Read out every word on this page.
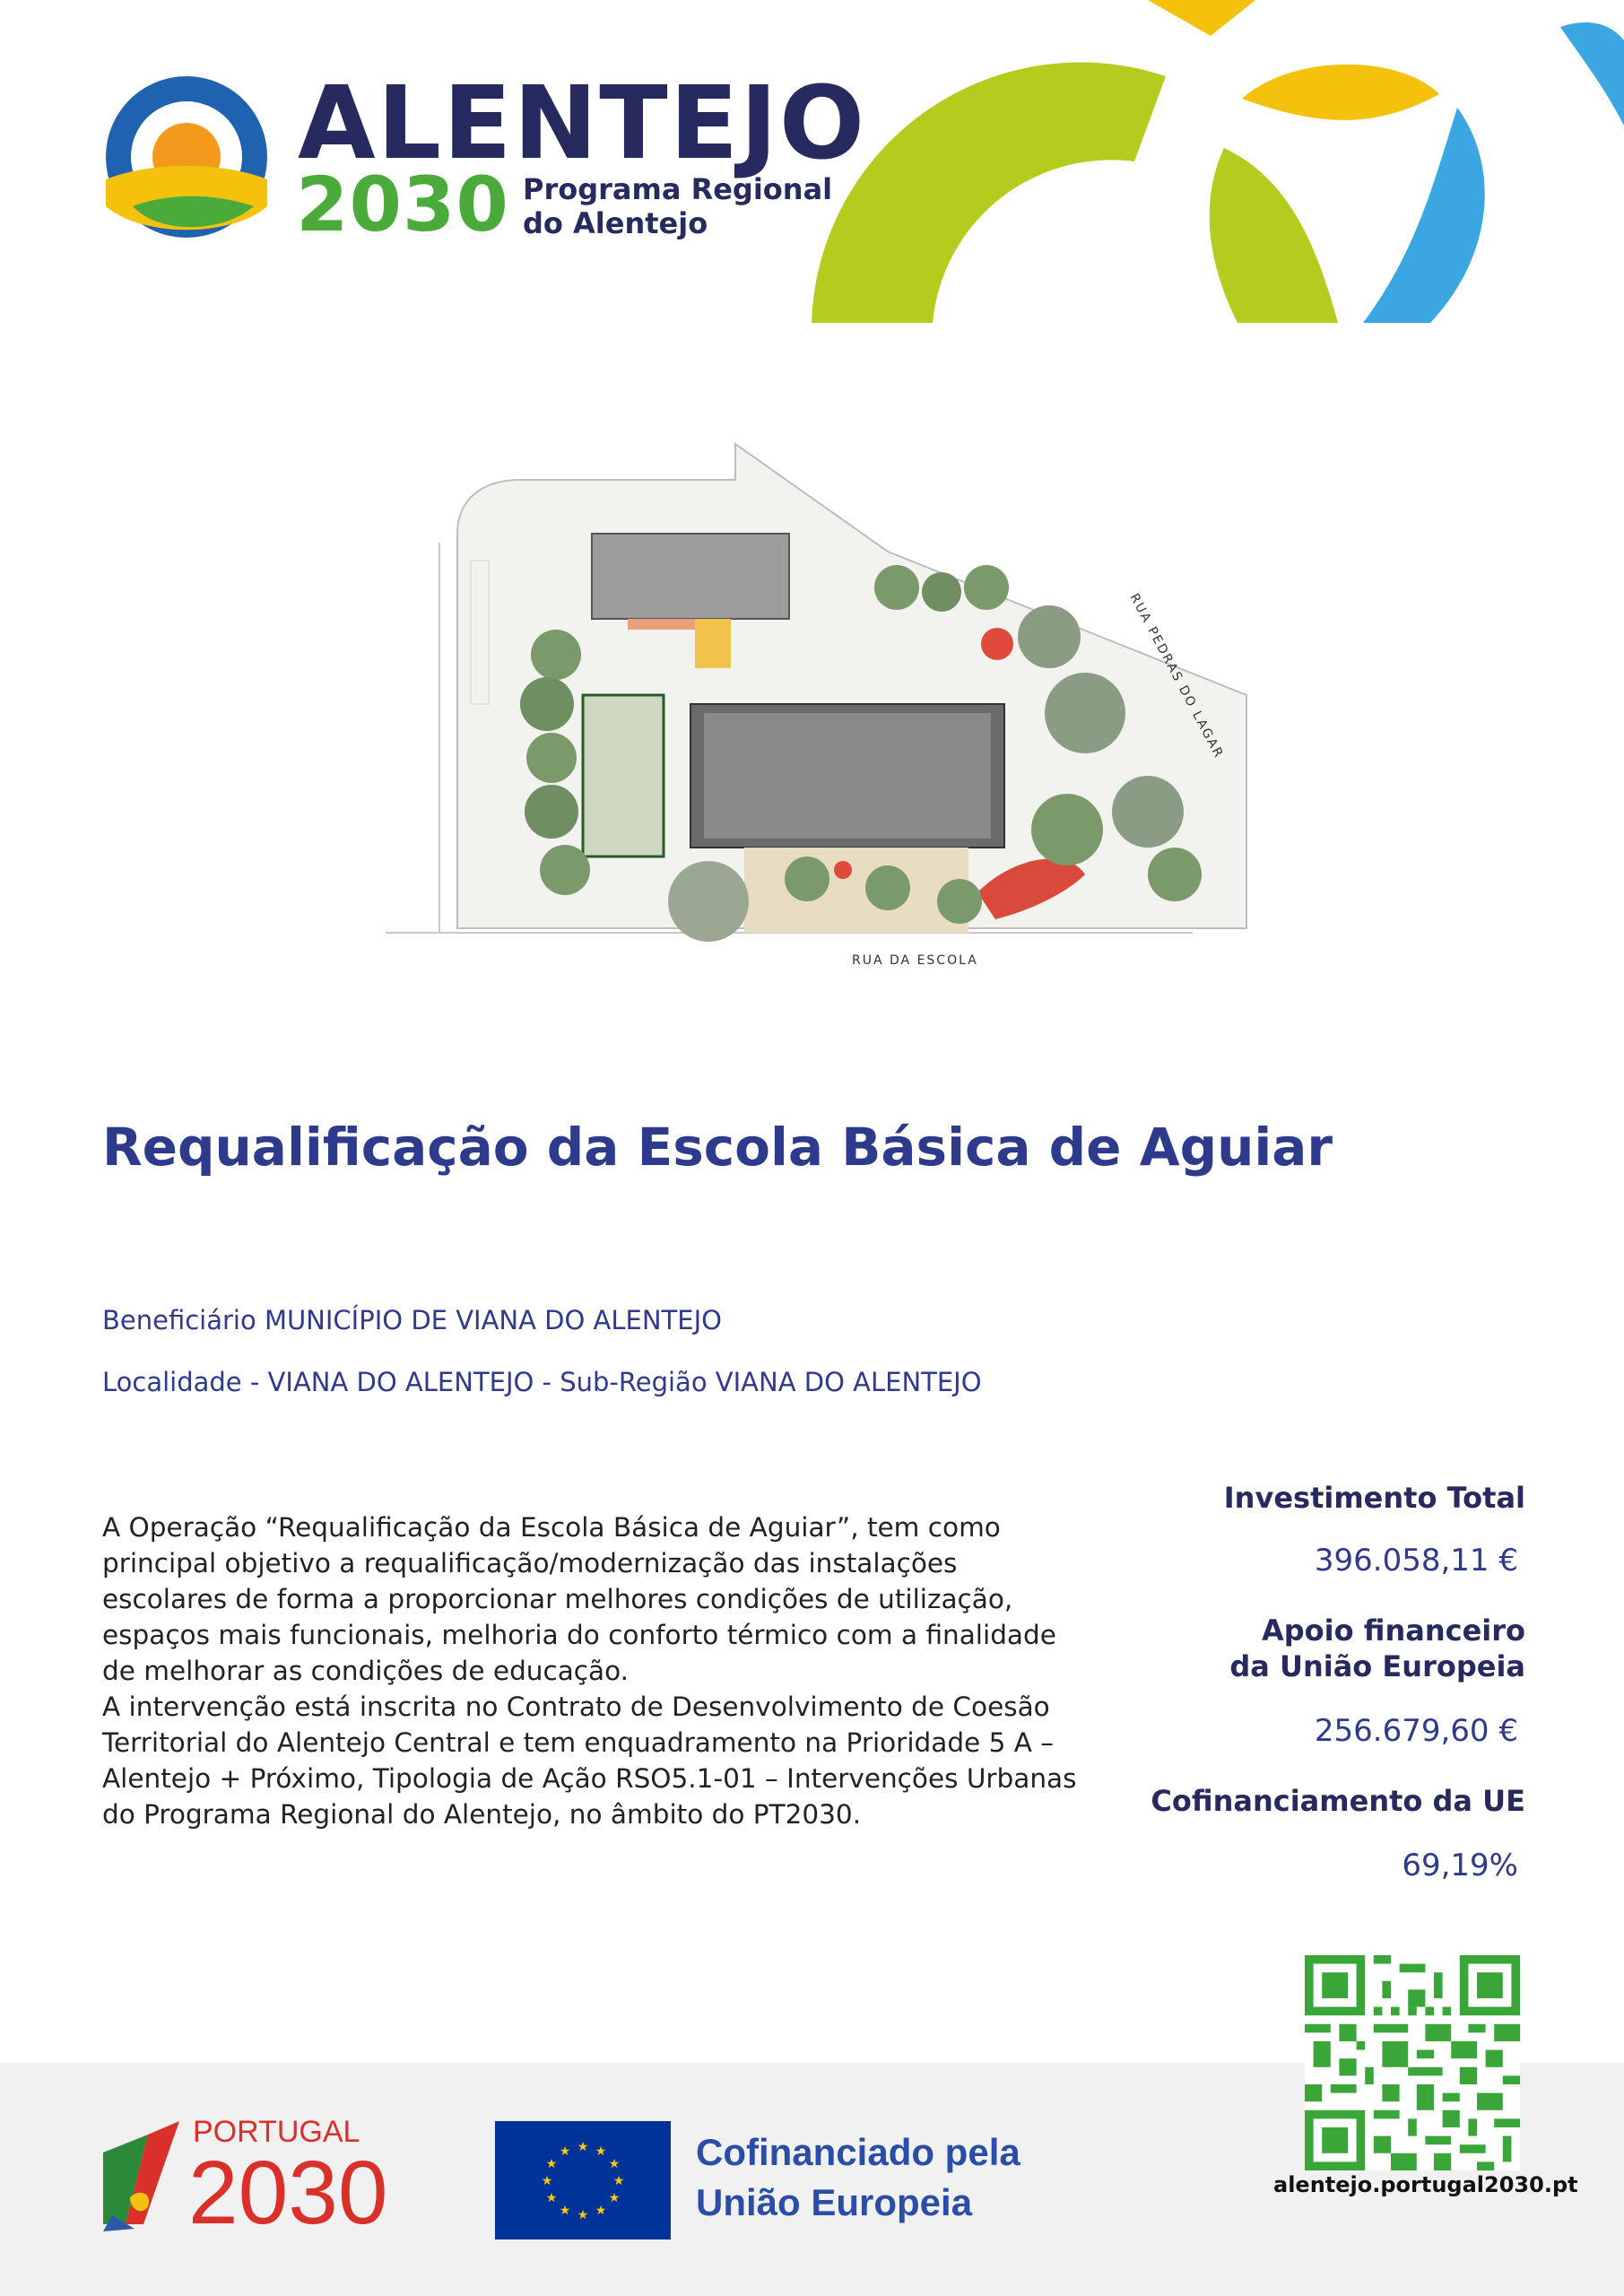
ALENTEJO
2030 Programa Regional
do Alentejo
RUA PEDRAS DO LAGAR
RUA DA ESCOLA
Requalificação da Escola Básica de Aguiar
Beneficiário MUNICÍPIO DE VIANA DO ALENTEJO
Localidade - VIANA DO ALENTEJO - Sub-Região VIANA DO ALENTEJO

A Operação “Requalificação da Escola Básica de Aguiar”, tem como principal objetivo a requalificação/modernização das instalações escolares de forma a proporcionar melhores condições de utilização, espaços mais funcionais, melhoria do conforto térmico com a finalidade de melhorar as condições de educação.

A intervenção está inscrita no Contrato de Desenvolvimento de Coesão Territorial do Alentejo Central e tem enquadramento na Prioridade 5 A – Alentejo + Próximo, Tipologia de Ação RSO5.1-01 – Intervenções Urbanas do Programa Regional do Alentejo, no âmbito do PT2030.

Investimento Total
396.058,11 €
Apoio financeiro
da União Europeia
256.679,60 €
Cofinanciamento da UE
69,19%
alentejo.portugal2030.pt
PORTUGAL
2030	★ ★
★
★
★
★
★
★
★
★
★
★	Cofinanciado pela
União Europeia
